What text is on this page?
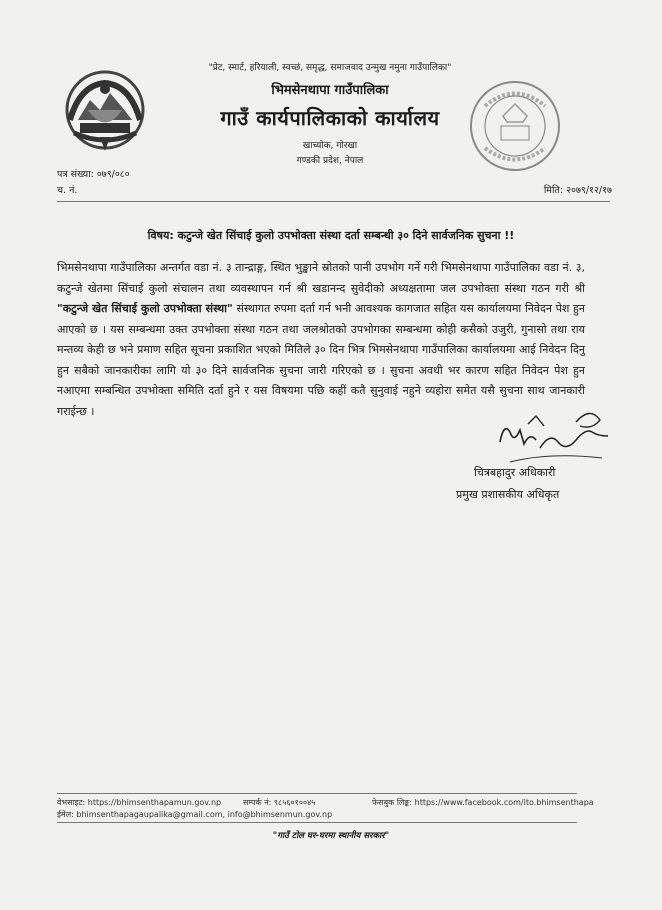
"प्रेट, स्मार्ट, हरियाली, स्वच्छं, समृद्ध, समाजवाद उन्मुख नमुना गाउँपालिका"
भिमसेनथापा गाउँपालिका
गाउँ कार्यपालिकाको कार्यालय
खाच्योक, गोरखा
गण्डकी प्रदेश, नेपाल
पत्र संख्या: ०७९/०८०
च. नं.	मिति: २०७९/१२/१७
विषय: कटुन्जे खेत सिंचाई कुलो उपभोक्ता संस्था दर्ता सम्बन्धी ३० दिने सार्वजनिक सुचना !!
भिमसेनथापा गाउँपालिका अन्तर्गत वडा नं. ३ तान्द्राङ्ग, स्थित भुङ्खाने स्रोतको पानी उपभोग गर्ने गरी भिमसेनथापा गाउँपालिका वडा नं. ३, कटुन्जे खेतमा सिंचाई कुलो संचालन तथा व्यवस्थापन गर्न श्री खडानन्द सुवेदीको अध्यक्षतामा जल उपभोक्ता संस्था गठन गरी श्री "कटुन्जे खेत सिंचाई कुलो उपभोक्ता संस्था" संस्थागत रुपमा दर्ता गर्न भनी आवश्यक कागजात सहित यस कार्यालयमा निवेदन पेश हुन आएको छ । यस सम्बन्धमा उक्त उपभोक्ता संस्था गठन तथा जलश्रोतको उपभोगका सम्बन्धमा कोही कसैको उजुरी, गुनासो तथा राय मन्तव्य केही छ भने प्रमाण सहित सूचना प्रकाशित भएको मितिले ३० दिन भित्र भिमसेनथापा गाउँपालिका कार्यालयमा आई निवेदन दिनु हुन सबैको जानकारीका लागि यो ३० दिने सार्वजनिक सुचना जारी गरिएको छ । सुचना अवधी भर कारण सहित निवेदन पेश हुन नआएमा सम्बन्धित उपभोक्ता समिति दर्ता हुने र यस विषयमा पछि कहीं कतै सुनुवाई नहुने व्यहोरा समेत यसै सुचना साथ जानकारी गराईन्छ ।
चित्रबहादुर अधिकारी
प्रमुख प्रशासकीय अधिकृत
वेभसाइट: https://bhimsenthapamun.gov.np	सम्पर्क नं: ९८५६०१००४५	फेसबुक लिङ्क: https://www.facebook.com/ito.bhimsenthapa
ईमेल: bhimsenthapagaupalika@gmail.com, info@bhimsenmun.gov.np
"गाउँ टोल घर-घरमा स्थानीय सरकार"
